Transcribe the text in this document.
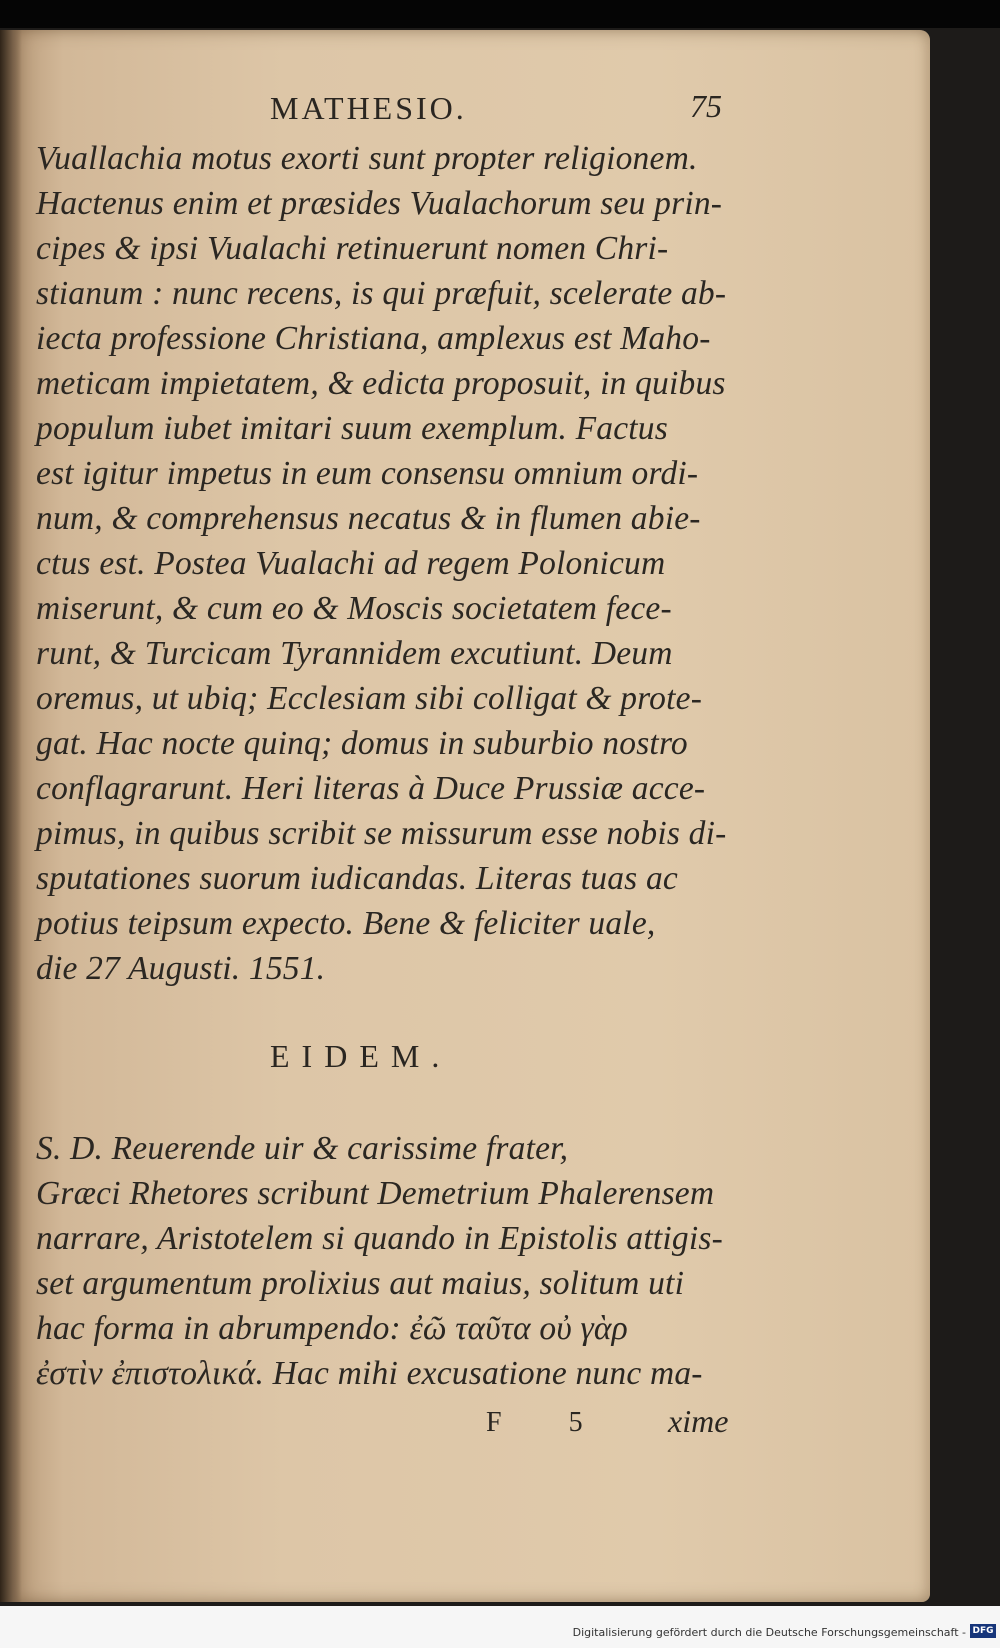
MATHESIO.	75
Vuallachia motus exorti sunt propter religionem.
Hactenus enim et præsides Vualachorum seu prin-
cipes & ipsi Vualachi retinuerunt nomen Chri-
stianum : nunc recens, is qui præfuit, scelerate ab-
iecta professione Christiana, amplexus est Maho-
meticam impietatem, & edicta proposuit, in quibus
populum iubet imitari suum exemplum. Factus
est igitur impetus in eum consensu omnium ordi-
num, & comprehensus necatus & in flumen abie-
ctus est. Postea Vualachi ad regem Polonicum
miserunt, & cum eo & Moscis societatem fece-
runt, & Turcicam Tyrannidem excutiunt. Deum
oremus, ut ubiq; Ecclesiam sibi colligat & prote-
gat. Hac nocte quinq; domus in suburbio nostro
conflagrarunt. Heri literas à Duce Prussiæ acce-
pimus, in quibus scribit se missurum esse nobis di-
sputationes suorum iudicandas. Literas tuas ac
potius teipsum expecto. Bene & feliciter uale,
die 27 Augusti. 1551.
EIDEM.
S. D. Reuerende uir & carissime frater,
Græci Rhetores scribunt Demetrium Phalerensem
narrare, Aristotelem si quando in Epistolis attigis-
set argumentum prolixius aut maius, solitum uti
hac forma in abrumpendo: ἐῶ ταῦτα οὐ γὰρ
ἐστὶν ἐπιστολικά. Hac mihi excusatione nunc ma-
F 5 xime
Digitalisierung gefördert durch die Deutsche Forschungsgemeinschaft - DFG
